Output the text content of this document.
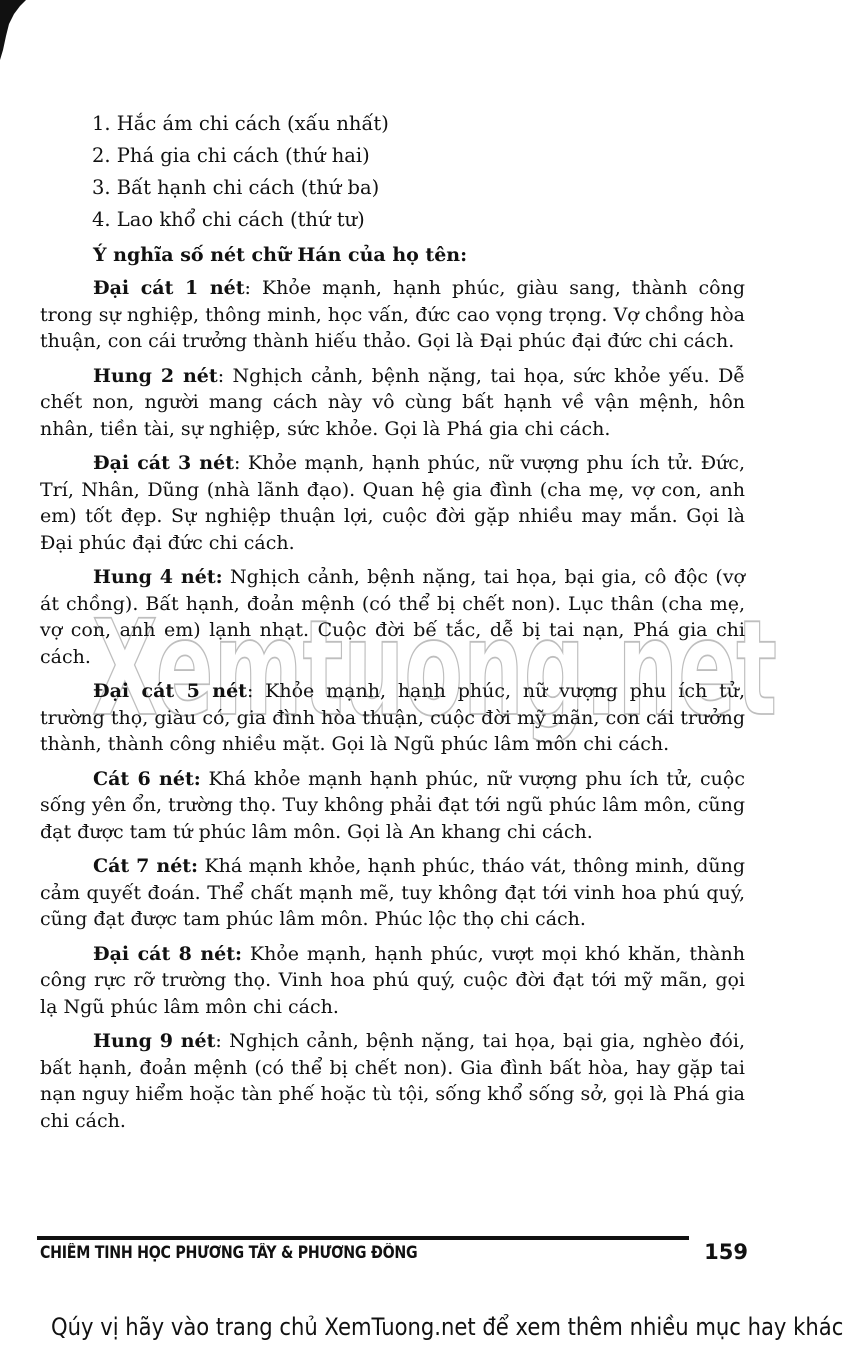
Xemtuong.net
1. Hắc ám chi cách (xấu nhất)
2. Phá gia chi cách (thứ hai)
3. Bất hạnh chi cách (thứ ba)
4. Lao khổ chi cách (thứ tư)
Ý nghĩa số nét chữ Hán của họ tên:

Đại cát 1 nét: Khỏe mạnh, hạnh phúc, giàu sang, thành công trong sự nghiệp, thông minh, học vấn, đức cao vọng trọng. Vợ chồng hòa thuận, con cái trưởng thành hiếu thảo. Gọi là Đại phúc đại đức chi cách.

Hung 2 nét: Nghịch cảnh, bệnh nặng, tai họa, sức khỏe yếu. Dễ chết non, người mang cách này vô cùng bất hạnh về vận mệnh, hôn nhân, tiền tài, sự nghiệp, sức khỏe. Gọi là Phá gia chi cách.

Đại cát 3 nét: Khỏe mạnh, hạnh phúc, nữ vượng phu ích tử. Đức, Trí, Nhân, Dũng (nhà lãnh đạo). Quan hệ gia đình (cha mẹ, vợ con, anh em) tốt đẹp. Sự nghiệp thuận lợi, cuộc đời gặp nhiều may mắn. Gọi là Đại phúc đại đức chi cách.

Hung 4 nét: Nghịch cảnh, bệnh nặng, tai họa, bại gia, cô độc (vợ át chồng). Bất hạnh, đoản mệnh (có thể bị chết non). Lục thân (cha mẹ, vợ con, anh em) lạnh nhạt. Cuộc đời bế tắc, dễ bị tai nạn, Phá gia chi cách.

Đại cát 5 nét: Khỏe mạnh, hạnh phúc, nữ vượng phu ích tử, trường thọ, giàu có, gia đình hòa thuận, cuộc đời mỹ mãn, con cái trưởng thành, thành công nhiều mặt. Gọi là Ngũ phúc lâm môn chi cách.

Cát 6 nét: Khá khỏe mạnh hạnh phúc, nữ vượng phu ích tử, cuộc sống yên ổn, trường thọ. Tuy không phải đạt tới ngũ phúc lâm môn, cũng đạt được tam tứ phúc lâm môn. Gọi là An khang chi cách.

Cát 7 nét: Khá mạnh khỏe, hạnh phúc, tháo vát, thông minh, dũng cảm quyết đoán. Thể chất mạnh mẽ, tuy không đạt tới vinh hoa phú quý, cũng đạt được tam phúc lâm môn. Phúc lộc thọ chi cách.

Đại cát 8 nét: Khỏe mạnh, hạnh phúc, vượt mọi khó khăn, thành công rực rỡ trường thọ. Vinh hoa phú quý, cuộc đời đạt tới mỹ mãn, gọi lạ Ngũ phúc lâm môn chi cách.

Hung 9 nét: Nghịch cảnh, bệnh nặng, tai họa, bại gia, nghèo đói, bất hạnh, đoản mệnh (có thể bị chết non). Gia đình bất hòa, hay gặp tai nạn nguy hiểm hoặc tàn phế hoặc tù tội, sống khổ sống sở, gọi là Phá gia chi cách.

CHIÊM TINH HỌC PHƯƠNG TÂY & PHƯƠNG ĐÔNG	159
Qúy vị hãy vào trang chủ XemTuong.net để xem thêm nhiều mục hay khác
